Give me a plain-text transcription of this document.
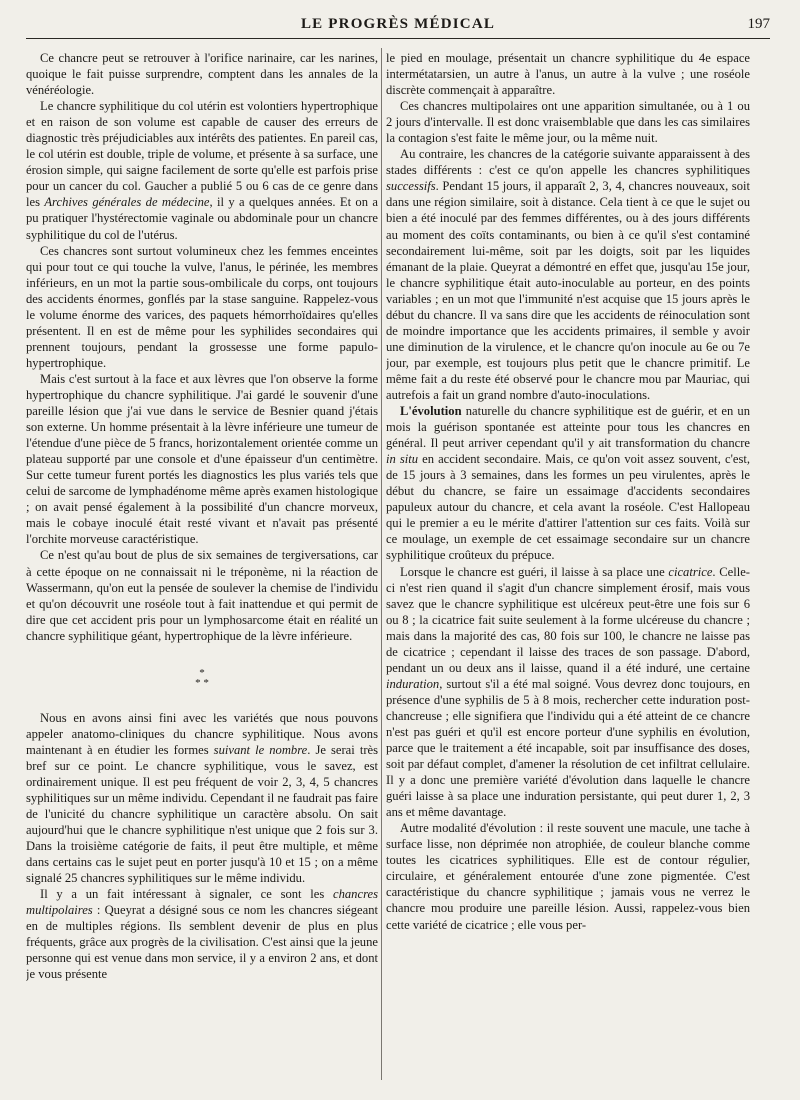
LE PROGRÈS MÉDICAL	197

Ce chancre peut se retrouver à l'orifice narinaire, car les narines, quoique le fait puisse surprendre, comptent dans les annales de la vénéréologie.

Le chancre syphilitique du col utérin est volontiers hypertrophique et en raison de son volume est capable de causer des erreurs de diagnostic très préjudiciables aux intérêts des patientes. En pareil cas, le col utérin est double, triple de volume, et présente à sa surface, une érosion simple, qui saigne facilement de sorte qu'elle est parfois prise pour un cancer du col. Gaucher a publié 5 ou 6 cas de ce genre dans les Archives générales de médecine, il y a quelques années. Et on a pu pratiquer l'hystérectomie vaginale ou abdominale pour un chancre syphilitique du col de l'utérus.

Ces chancres sont surtout volumineux chez les femmes enceintes qui pour tout ce qui touche la vulve, l'anus, le périnée, les membres inférieurs, en un mot la partie sous-ombilicale du corps, ont toujours des accidents énormes, gonflés par la stase sanguine. Rappelez-vous le volume énorme des varices, des paquets hémorrhoïdaires qu'elles présentent. Il en est de même pour les syphilides secondaires qui prennent toujours, pendant la grossesse une forme papulo-hypertrophique.

Mais c'est surtout à la face et aux lèvres que l'on observe la forme hypertrophique du chancre syphilitique. J'ai gardé le souvenir d'une pareille lésion que j'ai vue dans le service de Besnier quand j'étais son externe. Un homme présentait à la lèvre inférieure une tumeur de l'étendue d'une pièce de 5 francs, horizontalement orientée comme un plateau supporté par une console et d'une épaisseur d'un centimètre. Sur cette tumeur furent portés les diagnostics les plus variés tels que celui de sarcome de lymphadénome même après examen histologique ; on avait pensé également à la possibilité d'un chancre morveux, mais le cobaye inoculé était resté vivant et n'avait pas présenté l'orchite morveuse caractéristique.

Ce n'est qu'au bout de plus de six semaines de tergiversations, car à cette époque on ne connaissait ni le tréponème, ni la réaction de Wassermann, qu'on eut la pensée de soulever la chemise de l'individu et qu'on découvrit une roséole tout à fait inattendue et qui permit de dire que cet accident pris pour un lymphosarcome était en réalité un chancre syphilitique géant, hypertrophique de la lèvre inférieure.

*
* *

Nous en avons ainsi fini avec les variétés que nous pouvons appeler anatomo-cliniques du chancre syphilitique. Nous avons maintenant à en étudier les formes suivant le nombre. Je serai très bref sur ce point. Le chancre syphilitique, vous le savez, est ordinairement unique. Il est peu fréquent de voir 2, 3, 4, 5 chancres syphilitiques sur un même individu. Cependant il ne faudrait pas faire de l'unicité du chancre syphilitique un caractère absolu. On sait aujourd'hui que le chancre syphilitique n'est unique que 2 fois sur 3. Dans la troisième catégorie de faits, il peut être multiple, et même dans certains cas le sujet peut en porter jusqu'à 10 et 15 ; on a même signalé 25 chancres syphilitiques sur le même individu.

Il y a un fait intéressant à signaler, ce sont les chancres multipolaires : Queyrat a désigné sous ce nom les chancres siégeant en de multiples régions. Ils semblent devenir de plus en plus fréquents, grâce aux progrès de la civilisation. C'est ainsi que la jeune personne qui est venue dans mon service, il y a environ 2 ans, et dont je vous présente

le pied en moulage, présentait un chancre syphilitique du 4e espace intermétatarsien, un autre à l'anus, un autre à la vulve ; une roséole discrète commençait à apparaître.

Ces chancres multipolaires ont une apparition simultanée, ou à 1 ou 2 jours d'intervalle. Il est donc vraisemblable que dans les cas similaires la contagion s'est faite le même jour, ou la même nuit.

Au contraire, les chancres de la catégorie suivante apparaissent à des stades différents : c'est ce qu'on appelle les chancres syphilitiques successifs. Pendant 15 jours, il apparaît 2, 3, 4, chancres nouveaux, soit dans une région similaire, soit à distance. Cela tient à ce que le sujet ou bien a été inoculé par des femmes différentes, ou à des jours différents au moment des coïts contaminants, ou bien à ce qu'il s'est contaminé secondairement lui-même, soit par les doigts, soit par les liquides émanant de la plaie. Queyrat a démontré en effet que, jusqu'au 15e jour, le chancre syphilitique était auto-inoculable au porteur, en des points variables ; en un mot que l'immunité n'est acquise que 15 jours après le début du chancre. Il va sans dire que les accidents de réinoculation sont de moindre importance que les accidents primaires, il semble y avoir une diminution de la virulence, et le chancre qu'on inocule au 6e ou 7e jour, par exemple, est toujours plus petit que le chancre primitif. Le même fait a du reste été observé pour le chancre mou par Mauriac, qui autrefois a fait un grand nombre d'auto-inoculations.

L'évolution naturelle du chancre syphilitique est de guérir, et en un mois la guérison spontanée est atteinte pour tous les chancres en général. Il peut arriver cependant qu'il y ait transformation du chancre in situ en accident secondaire. Mais, ce qu'on voit assez souvent, c'est, de 15 jours à 3 semaines, dans les formes un peu virulentes, après le début du chancre, se faire un essaimage d'accidents secondaires papuleux autour du chancre, et cela avant la roséole. C'est Hallopeau qui le premier a eu le mérite d'attirer l'attention sur ces faits. Voilà sur ce moulage, un exemple de cet essaimage secondaire sur un chancre syphilitique croûteux du prépuce.

Lorsque le chancre est guéri, il laisse à sa place une cicatrice. Celle-ci n'est rien quand il s'agit d'un chancre simplement érosif, mais vous savez que le chancre syphilitique est ulcéreux peut-être une fois sur 6 ou 8 ; la cicatrice fait suite seulement à la forme ulcéreuse du chancre ; mais dans la majorité des cas, 80 fois sur 100, le chancre ne laisse pas de cicatrice ; cependant il laisse des traces de son passage. D'abord, pendant un ou deux ans il laisse, quand il a été induré, une certaine induration, surtout s'il a été mal soigné. Vous devrez donc toujours, en présence d'une syphilis de 5 à 8 mois, rechercher cette induration post-chancreuse ; elle signifiera que l'individu qui a été atteint de ce chancre n'est pas guéri et qu'il est encore porteur d'une syphilis en évolution, parce que le traitement a été incapable, soit par insuffisance des doses, soit par défaut complet, d'amener la résolution de cet infiltrat cellulaire. Il y a donc une première variété d'évolution dans laquelle le chancre guéri laisse à sa place une induration persistante, qui peut durer 1, 2, 3 ans et même davantage.

Autre modalité d'évolution : il reste souvent une macule, une tache à surface lisse, non déprimée non atrophiée, de couleur blanche comme toutes les cicatrices syphilitiques. Elle est de contour régulier, circulaire, et généralement entourée d'une zone pigmentée. C'est caractéristique du chancre syphilitique ; jamais vous ne verrez le chancre mou produire une pareille lésion. Aussi, rappelez-vous bien cette variété de cicatrice ; elle vous per-
